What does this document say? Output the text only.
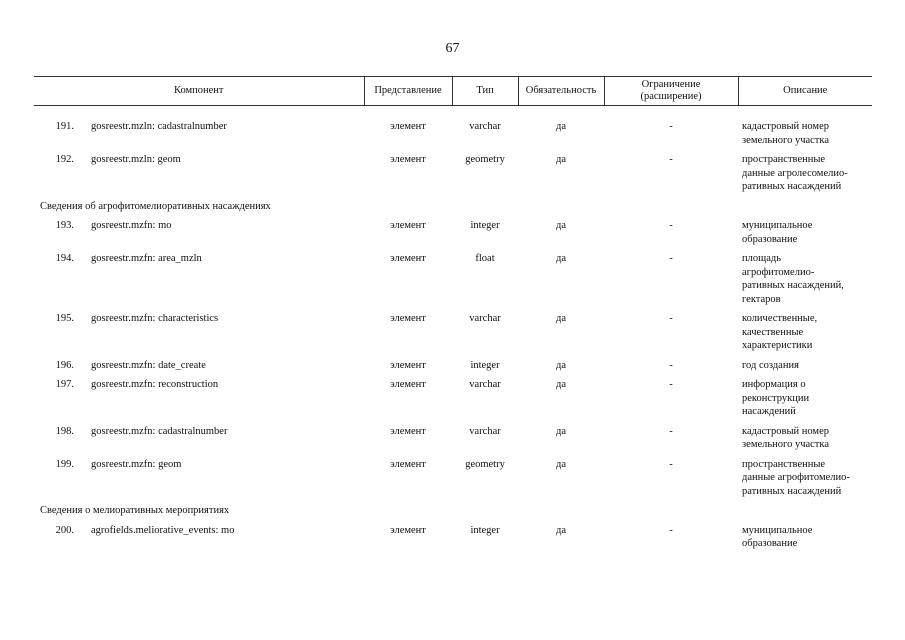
67
Компонент		Представление	Тип	Обязательность	Ограничение
(расширение)	Описание

191.	gosreestr.mzln: cadastralnumber	элемент	varchar	да	-	кадастровый номер
земельного участка

192.	gosreestr.mzln: geom	элемент	geometry	да	-	пространственные
данные агролесомелио-
ративных насаждений

Сведения об агрофитомелиоративных насаждениях						
193.	gosreestr.mzfn: mo	элемент	integer	да	-	муниципальное
образование

194.	gosreestr.mzfn: area_mzln	элемент	float	да	-	площадь
агрофитомелио-
ративных насаждений,
гектаров

195.	gosreestr.mzfn: characteristics	элемент	varchar	да	-	количественные,
качественные
характеристики

196.	gosreestr.mzfn: date_create	элемент	integer	да	-	год создания

197.	gosreestr.mzfn: reconstruction	элемент	varchar	да	-	информация о
реконструкции
насаждений

198.	gosreestr.mzfn: cadastralnumber	элемент	varchar	да	-	кадастровый номер
земельного участка

199.	gosreestr.mzfn: geom	элемент	geometry	да	-	пространственные
данные агрофитомелио-
ративных насаждений

Сведения о мелиоративных мероприятиях						
200.	agrofields.meliorative_events: mo	элемент	integer	да	-	муниципальное
образование
